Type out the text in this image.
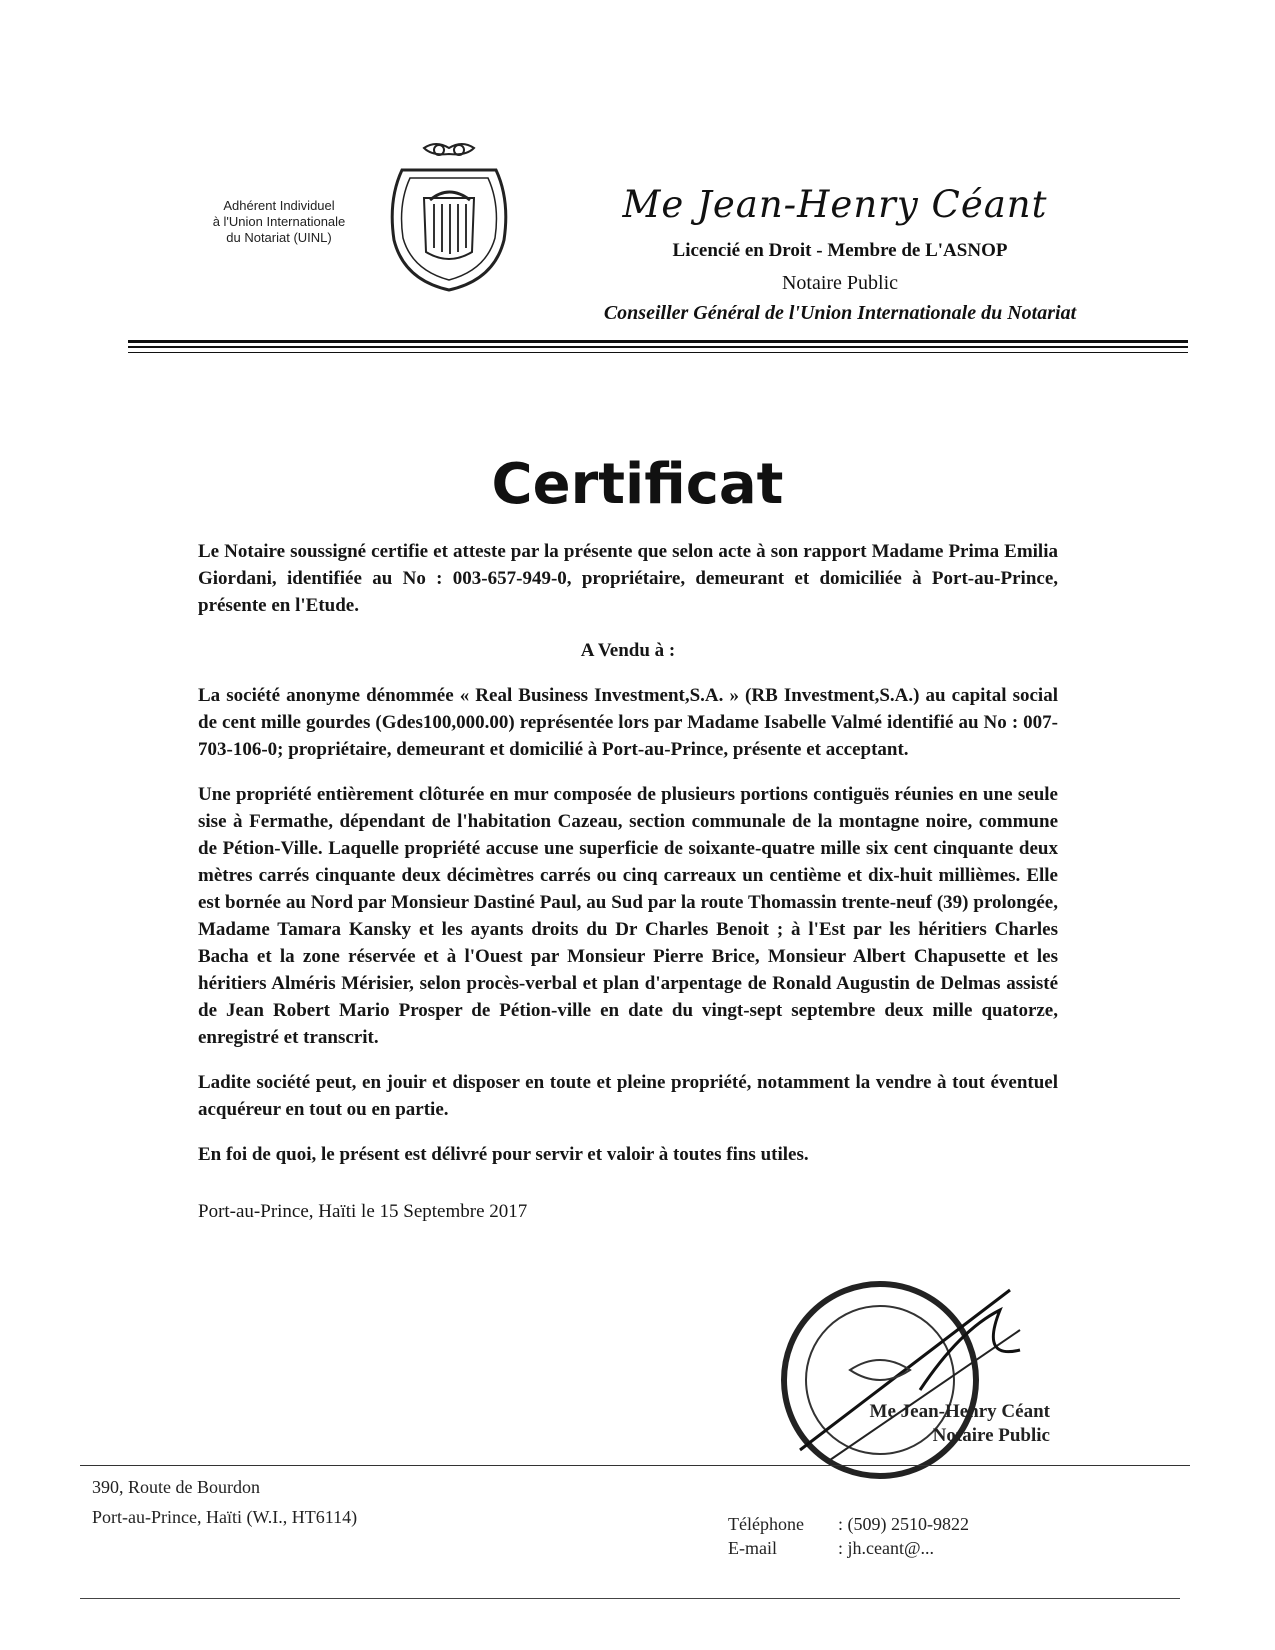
Adhérent Individuel
à l'Union Internationale
du Notariat (UINL)
Me Jean-Henry Céant
Licencié en Droit - Membre de L'ASNOP
Notaire Public
Conseiller Général de l'Union Internationale du Notariat
Certificat

Le Notaire soussigné certifie et atteste par la présente que selon acte à son rapport Madame Prima Emilia Giordani, identifiée au No : 003-657-949-0, propriétaire, demeurant et domiciliée à Port-au-Prince, présente en l'Etude.

A Vendu à :

La société anonyme dénommée « Real Business Investment,S.A. » (RB Investment,S.A.) au capital social de cent mille gourdes (Gdes100,000.00) représentée lors par Madame Isabelle Valmé identifié au No : 007-703-106-0; propriétaire, demeurant et domicilié à Port-au-Prince, présente et acceptant.

Une propriété entièrement clôturée en mur composée de plusieurs portions contiguës réunies en une seule sise à Fermathe, dépendant de l'habitation Cazeau, section communale de la montagne noire, commune de Pétion-Ville. Laquelle propriété accuse une superficie de soixante-quatre mille six cent cinquante deux mètres carrés cinquante deux décimètres carrés ou cinq carreaux un centième et dix-huit millièmes. Elle est bornée au Nord par Monsieur Dastiné Paul, au Sud par la route Thomassin trente-neuf (39) prolongée, Madame Tamara Kansky et les ayants droits du Dr Charles Benoit ; à l'Est par les héritiers Charles Bacha et la zone réservée et à l'Ouest par Monsieur Pierre Brice, Monsieur Albert Chapusette et les héritiers Alméris Mérisier, selon procès-verbal et plan d'arpentage de Ronald Augustin de Delmas assisté de Jean Robert Mario Prosper de Pétion-ville en date du vingt-sept septembre deux mille quatorze, enregistré et transcrit.

Ladite société peut, en jouir et disposer en toute et pleine propriété, notamment la vendre à tout éventuel acquéreur en tout ou en partie.

En foi de quoi, le présent est délivré pour servir et valoir à toutes fins utiles.

Port-au-Prince, Haïti le 15 Septembre 2017
Me Jean-Henry Céant
Notaire Public
390, Route de Bourdon
Port-au-Prince, Haïti (W.I., HT6114)	Téléphone	: (509) 2510-9822
E-mail	: jh.ceant@...
